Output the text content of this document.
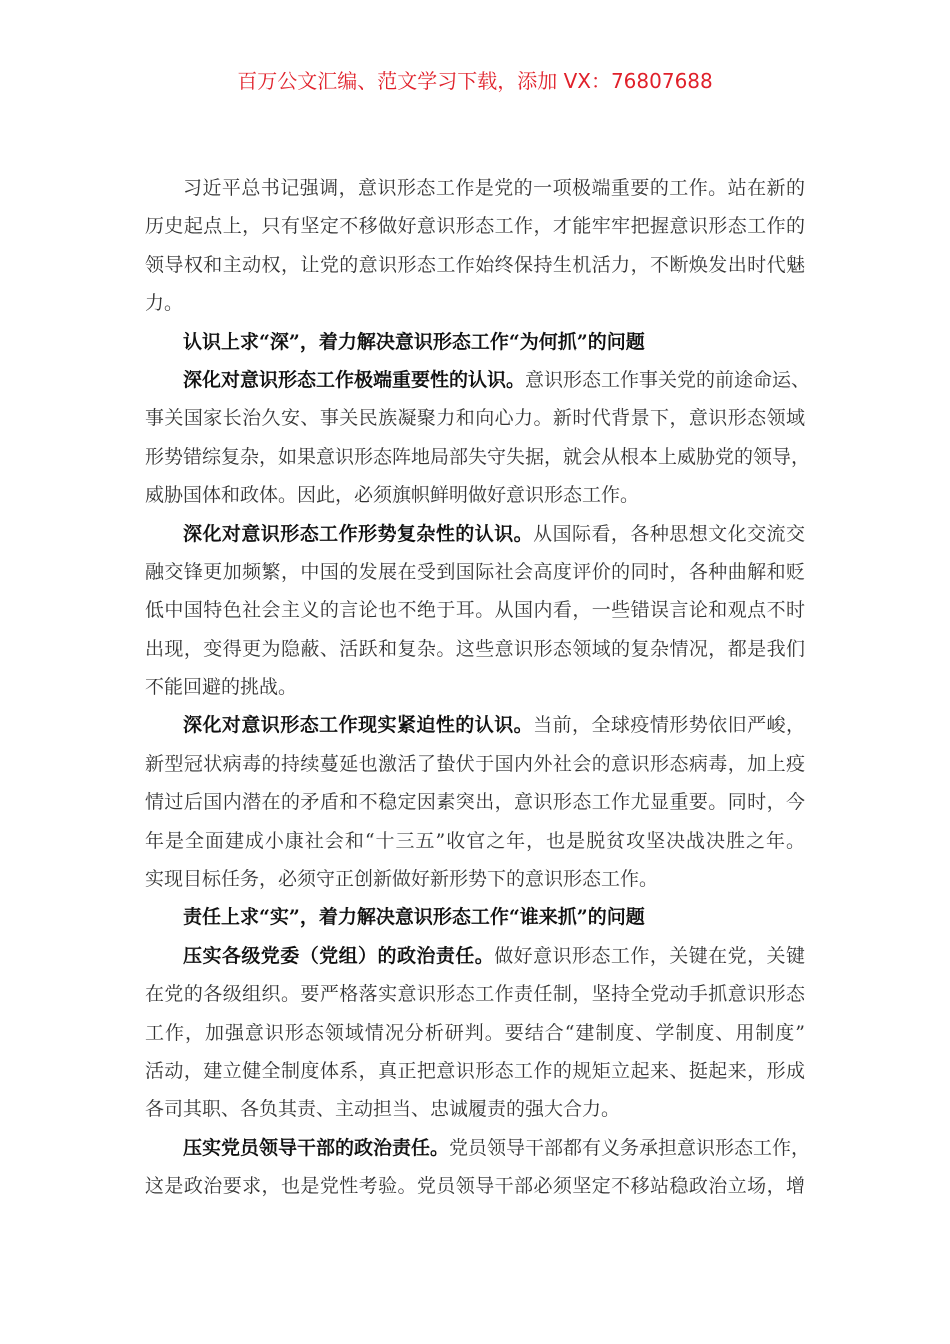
百万公文汇编、范文学习下载，添加 VX：76807688
习近平总书记强调，意识形态工作是党的一项极端重要的工作。站在新的
历史起点上，只有坚定不移做好意识形态工作，才能牢牢把握意识形态工作的
领导权和主动权，让党的意识形态工作始终保持生机活力，不断焕发出时代魅
力。
认识上求“深”，着力解决意识形态工作“为何抓”的问题
深化对意识形态工作极端重要性的认识。意识形态工作事关党的前途命运、
事关国家长治久安、事关民族凝聚力和向心力。新时代背景下，意识形态领域
形势错综复杂，如果意识形态阵地局部失守失据，就会从根本上威胁党的领导，
威胁国体和政体。因此，必须旗帜鲜明做好意识形态工作。
深化对意识形态工作形势复杂性的认识。从国际看，各种思想文化交流交
融交锋更加频繁，中国的发展在受到国际社会高度评价的同时，各种曲解和贬
低中国特色社会主义的言论也不绝于耳。从国内看，一些错误言论和观点不时
出现，变得更为隐蔽、活跃和复杂。这些意识形态领域的复杂情况，都是我们
不能回避的挑战。
深化对意识形态工作现实紧迫性的认识。当前，全球疫情形势依旧严峻，
新型冠状病毒的持续蔓延也激活了蛰伏于国内外社会的意识形态病毒，加上疫
情过后国内潜在的矛盾和不稳定因素突出，意识形态工作尤显重要。同时，今
年是全面建成小康社会和“十三五”收官之年，也是脱贫攻坚决战决胜之年。
实现目标任务，必须守正创新做好新形势下的意识形态工作。
责任上求“实”，着力解决意识形态工作“谁来抓”的问题
压实各级党委（党组）的政治责任。做好意识形态工作，关键在党，关键
在党的各级组织。要严格落实意识形态工作责任制，坚持全党动手抓意识形态
工作，加强意识形态领域情况分析研判。要结合“建制度、学制度、用制度”
活动，建立健全制度体系，真正把意识形态工作的规矩立起来、挺起来，形成
各司其职、各负其责、主动担当、忠诚履责的强大合力。
压实党员领导干部的政治责任。党员领导干部都有义务承担意识形态工作，
这是政治要求，也是党性考验。党员领导干部必须坚定不移站稳政治立场，增
